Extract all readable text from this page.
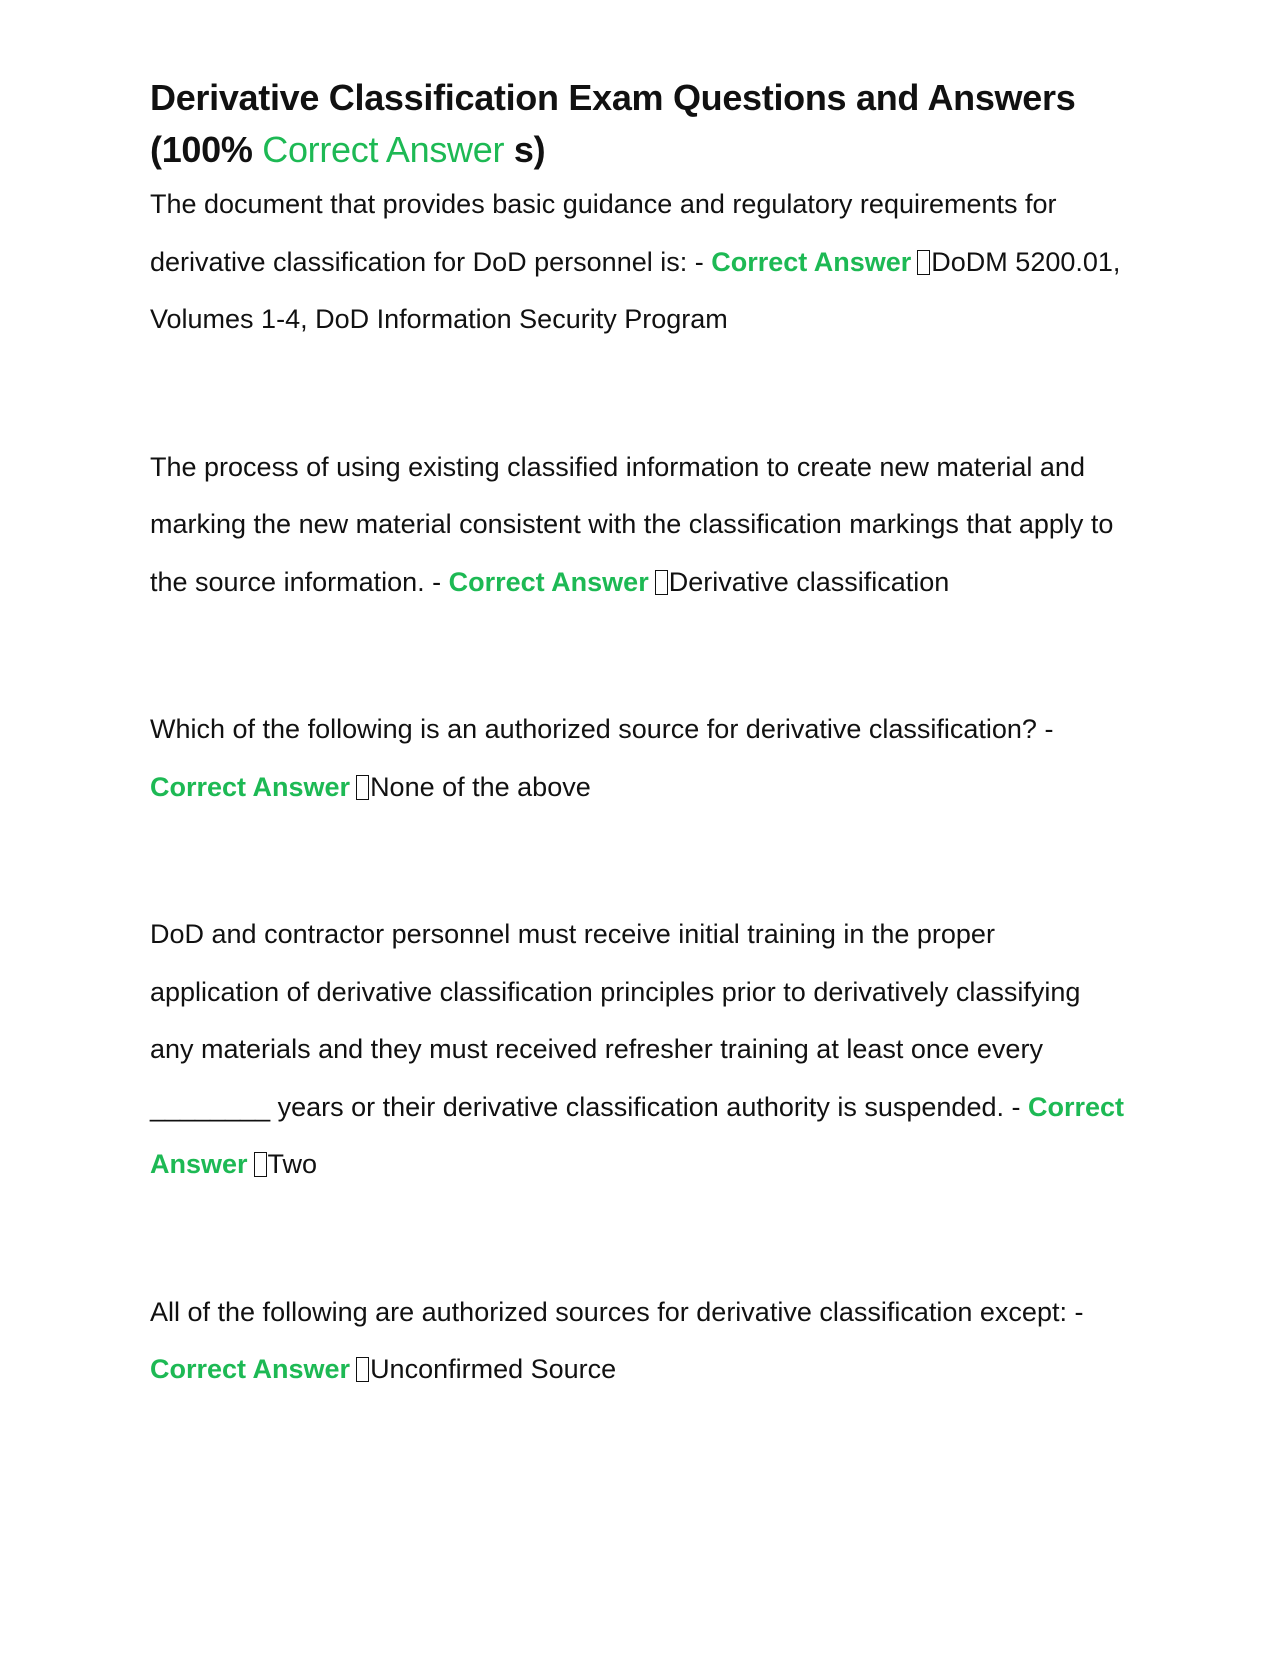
Derivative Classification Exam Questions and Answers
(100% Correct Answer s)

The document that provides basic guidance and regulatory requirements for derivative classification for DoD personnel is: - Correct Answer DoDM 5200.01, Volumes 1-4, DoD Information Security Program

The process of using existing classified information to create new material and marking the new material consistent with the classification markings that apply to the source information. - Correct Answer Derivative classification

Which of the following is an authorized source for derivative classification? - Correct Answer None of the above

DoD and contractor personnel must receive initial training in the proper application of derivative classification principles prior to derivatively classifying any materials and they must received refresher training at least once every ________ years or their derivative classification authority is suspended. - Correct Answer Two

All of the following are authorized sources for derivative classification except: - Correct Answer Unconfirmed Source
